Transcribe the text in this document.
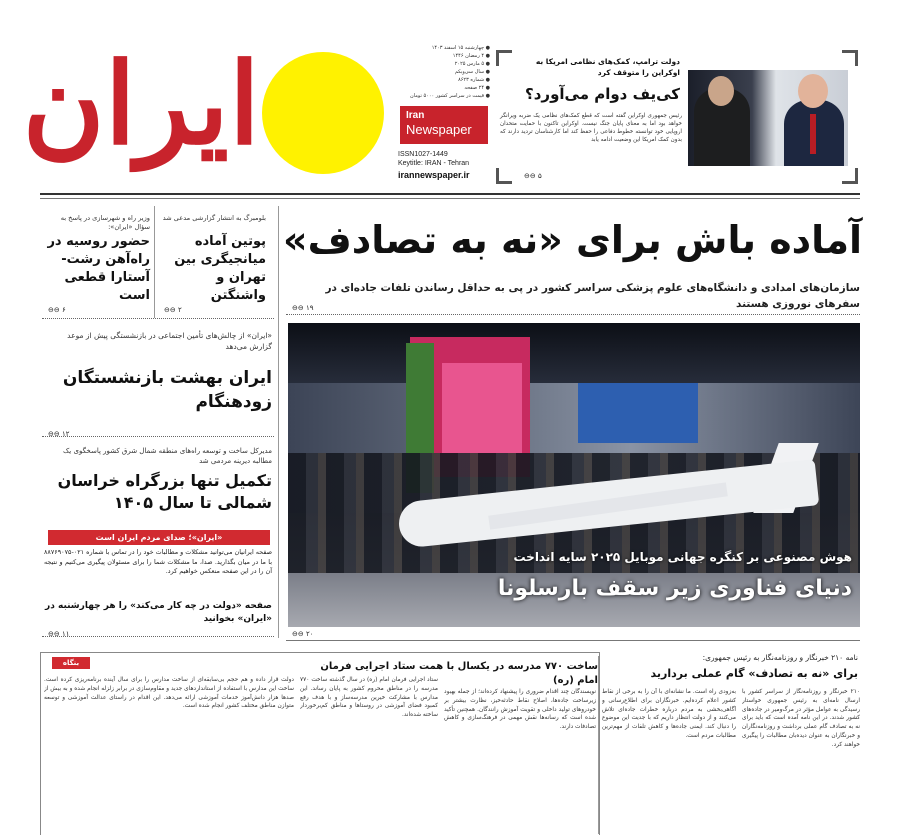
ایران	● چهارشنبه ۱۵ اسفند ۱۴۰۳
● ۴ رمضان ۱۴۴۶
● ۵ مارس ۲۰۲۵
● سال سی‌ویکم
● شماره ۸۶۲۳
● ۲۴ صفحه
● قیمت در سراسر کشور ۵۰۰۰ تومان
Iran
Newspaper
ISSN1027-1449
Keytitle: IRAN - Tehran
irannewspaper.ir
دولت ترامپ، کمک‌های نظامی امریکا به اوکراین را متوقف کرد
کی‌یف دوام می‌آورد؟
رئیس جمهوری اوکراین گفته است که قطع کمک‌های نظامی یک ضربه ویرانگر خواهد بود اما به معنای پایان جنگ نیست. اوکراین تاکنون با حمایت متحدان اروپایی خود توانسته خطوط دفاعی را حفظ کند اما کارشناسان تردید دارند که بدون کمک امریکا این وضعیت ادامه یابد
⊖⊖ ۵
آماده باش برای «نه به تصادف»
سازمان‌های امدادی و دانشگاه‌های علوم پزشکی سراسر کشور در پی به حداقل رساندن تلفات جاده‌ای در سفرهای نوروزی هستند
⊖⊖ ۱۹
هوش مصنوعی بر کنگره جهانی موبایل ۲۰۲۵ سایه انداخت
دنیای فناوری زیر سقف بارسلونا
⊖⊖ ۲۰
وزیر راه و شهرسازی در پاسخ به سؤال «ایران»:
حضور روسیه در راه‌آهن رشت-آستارا قطعی است
⊖⊖ ۶
بلومبرگ به انتشار گزارشی مدعی شد
پوتین آماده میانجیگری بین تهران و واشنگتن
⊖⊖ ۲
«ایران» از چالش‌های تأمین اجتماعی در بازنشستگی پیش از موعد گزارش می‌دهد
ایران بهشت بازنشستگان زودهنگام
⊖⊖ ۱۲
مدیرکل ساخت و توسعه راه‌های منطقه شمال شرق کشور پاسخگوی یک مطالبه دیرینه مردمی شد
تکمیل تنها بزرگراه خراسان شمالی تا سال ۱۴۰۵
«ایران»؛ صدای مردم ایران است
صفحه ایرانیان می‌توانید مشکلات و مطالبات خود را در تماس با شماره ۰۲۱-۸۸۷۶۹۰۷۵ با ما در میان بگذارید. صدا، ما مشکلات شما را برای مسئولان پیگیری می‌کنیم و نتیجه آن را در این صفحه منعکس خواهیم کرد.
صفحه «دولت در چه کار می‌کند» را هر چهارشنبه در «ایران» بخوانید
⊖⊖ ۱۱
نامه ۲۱۰ خبرنگار و روزنامه‌نگار به رئیس جمهوری:
برای «نه به تصادف» گام عملی بردارید
ساخت ۷۷۰ مدرسه در یکسال با همت ستاد اجرایی فرمان امام (ره)
بنگاه
۲۱۰ خبرنگار و روزنامه‌نگار از سراسر کشور با ارسال نامه‌ای به رئیس جمهوری خواستار رسیدگی به عوامل مؤثر در مرگ‌ومیر در جاده‌های کشور شدند. در این نامه آمده است که باید برای نه به تصادف گام عملی برداشت و روزنامه‌نگاران و خبرنگاران به عنوان دیده‌بان مطالبات را پیگیری خواهند کرد.
به‌زودی راه است. ما نشانه‌ای با آن را به برخی از نقاط کشور اعلام کرده‌ایم. خبرنگاران برای اطلاع‌رسانی و آگاهی‌بخشی به مردم درباره خطرات جاده‌ای تلاش می‌کنند و از دولت انتظار داریم که با جدیت این موضوع را دنبال کند. ایمنی جاده‌ها و کاهش تلفات از مهم‌ترین مطالبات مردم است.
نویسندگان چند اقدام ضروری را پیشنهاد کرده‌اند؛ از جمله بهبود زیرساخت جاده‌ها، اصلاح نقاط حادثه‌خیز، نظارت بیشتر بر خودروهای تولید داخلی و تقویت آموزش رانندگان. همچنین تأکید شده است که رسانه‌ها نقش مهمی در فرهنگ‌سازی و کاهش تصادفات دارند.
ستاد اجرایی فرمان امام (ره) در سال گذشته ساخت ۷۷۰ مدرسه را در مناطق محروم کشور به پایان رساند. این مدارس با مشارکت خیرین مدرسه‌ساز و با هدف رفع کمبود فضای آموزشی در روستاها و مناطق کم‌برخوردار ساخته شده‌اند.
دولت قرار داده و هم حجم بی‌سابقه‌ای از ساخت مدارس را برای سال آینده برنامه‌ریزی کرده است. ساخت این مدارس با استفاده از استانداردهای جدید و مقاوم‌سازی در برابر زلزله انجام شده و به بیش از صدها هزار دانش‌آموز خدمات آموزشی ارائه می‌دهد. این اقدام در راستای عدالت آموزشی و توسعه متوازن مناطق مختلف کشور انجام شده است.
